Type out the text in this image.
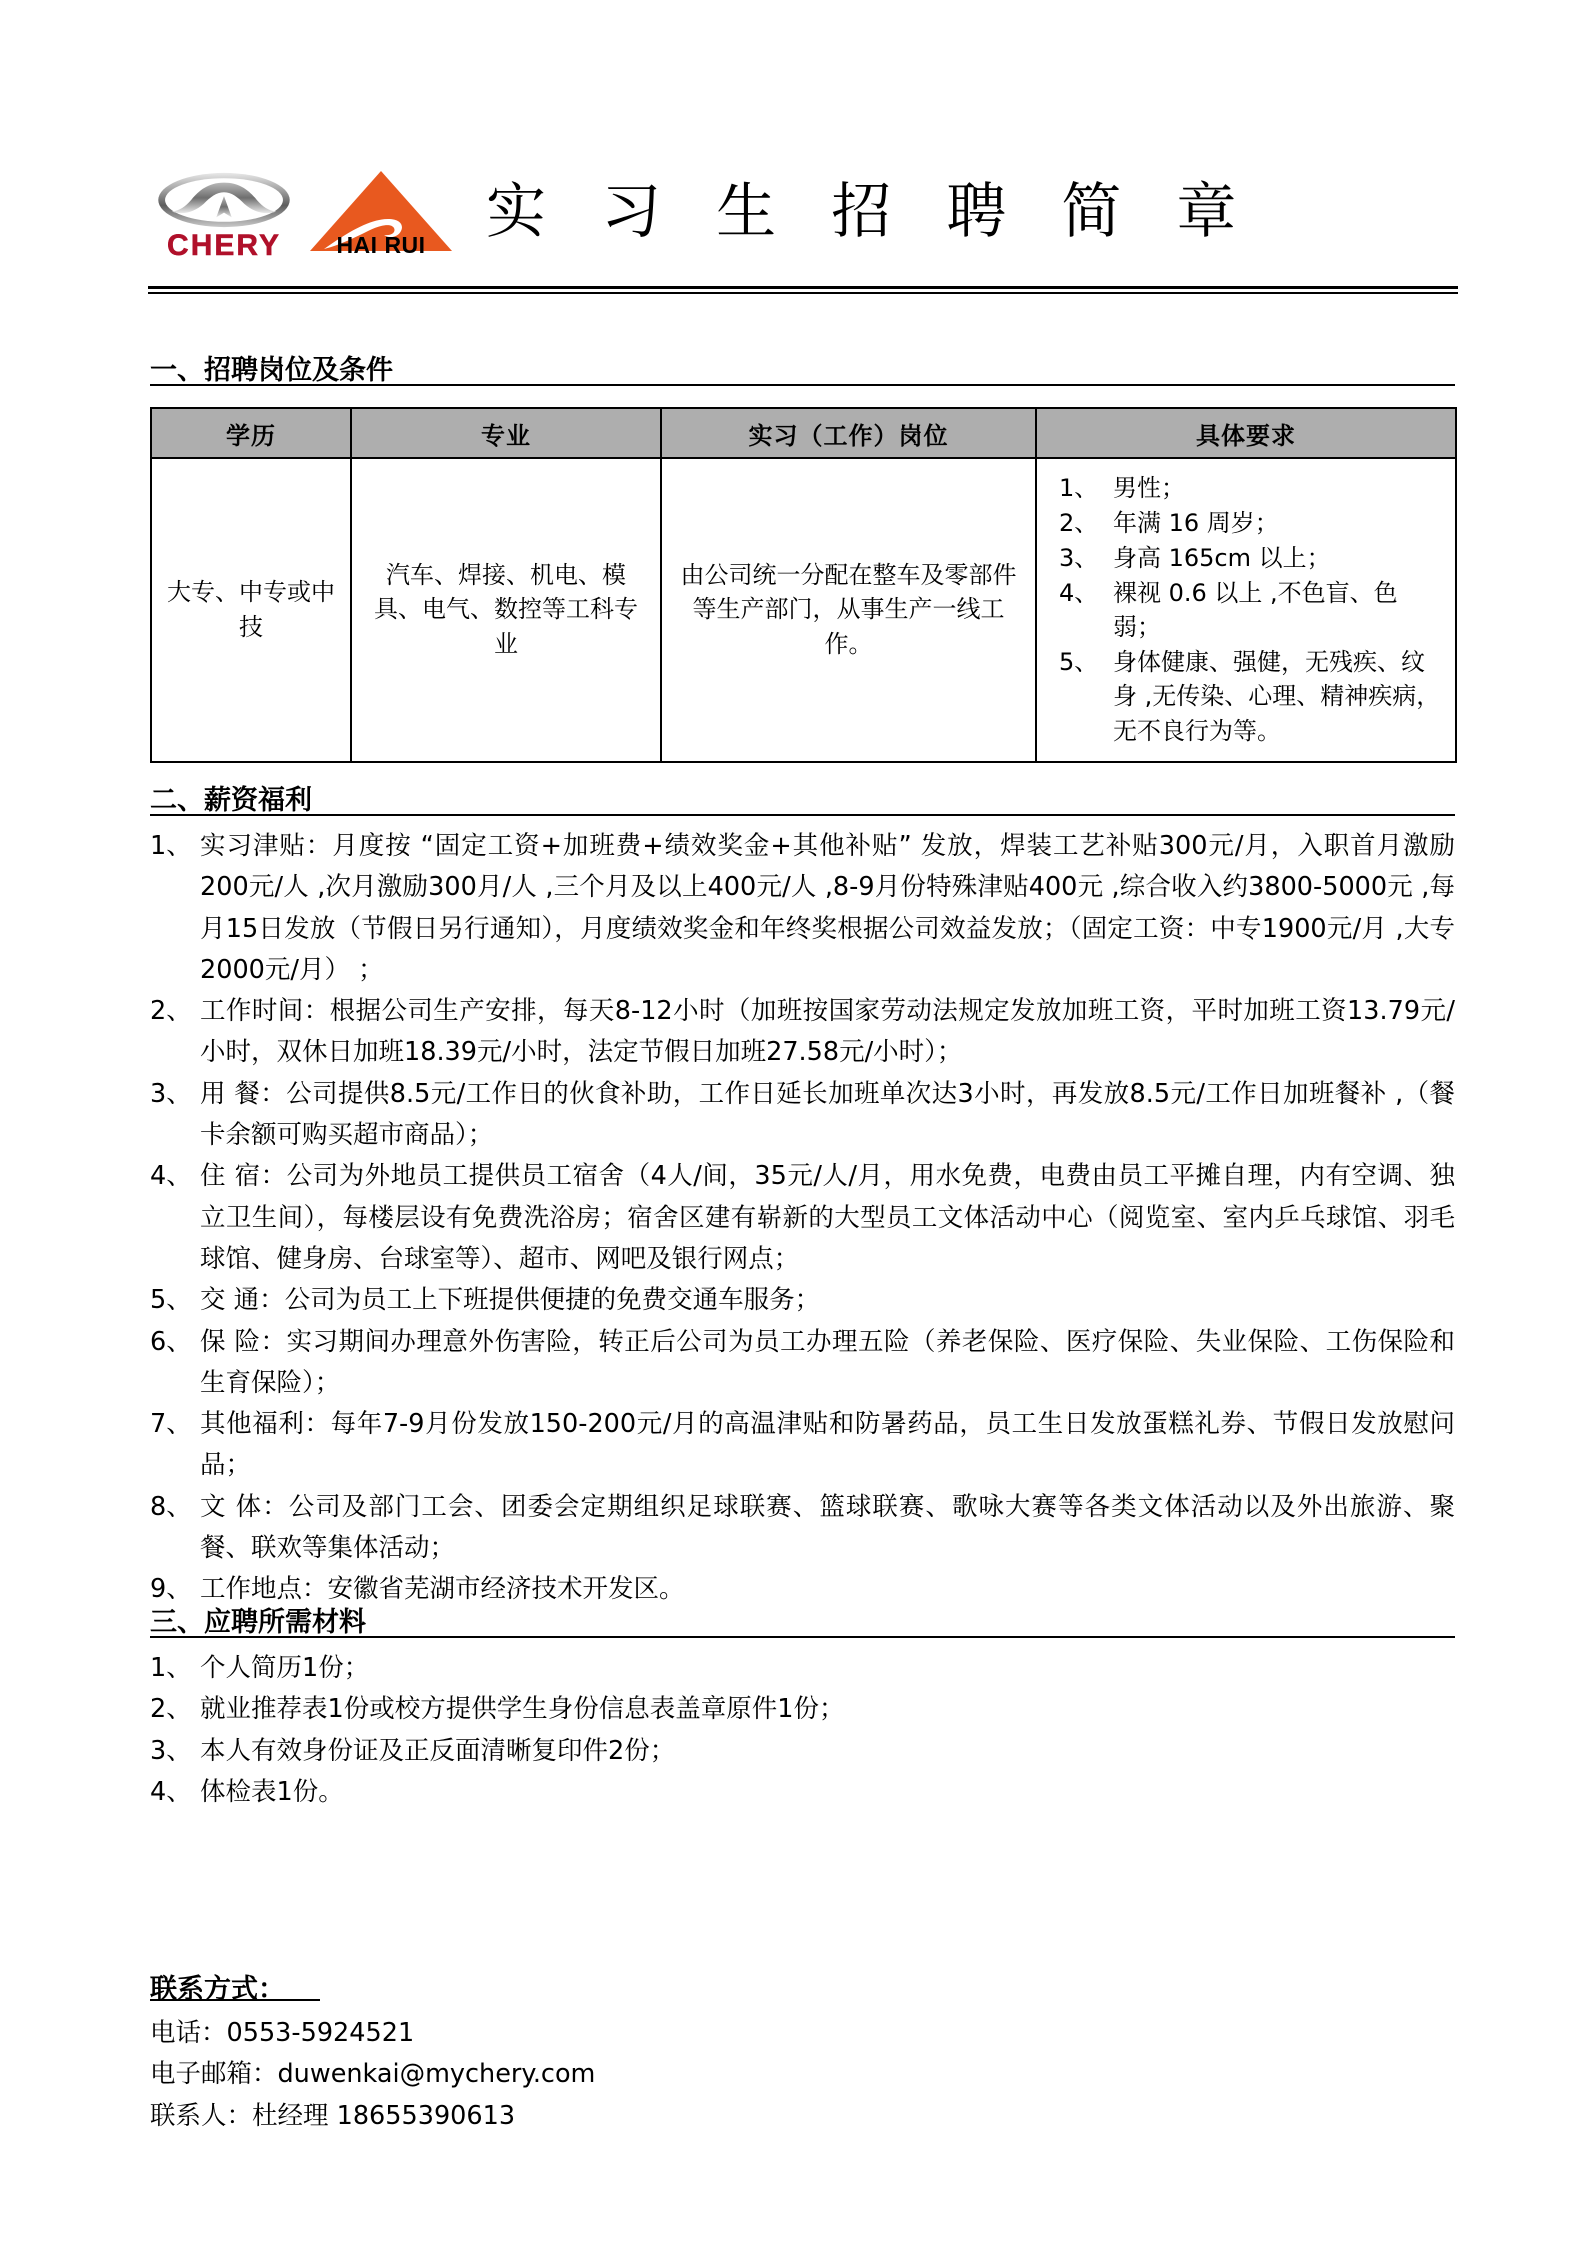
CHERY	HAI RUI	实 习 生 招 聘 简 章
一、招聘岗位及条件
学历	专业	实习（工作）岗位	具体要求
大专、中专或中技	汽车、焊接、机电、模具、电气、数控等工科专业	由公司统一分配在整车及零部件等生产部门，从事生产一线工作。	
1、 男性；
2、 年满 16 周岁；
3、 身高 165cm 以上；
4、 裸视 0.6 以上 ,不色盲、色弱；
5、 身体健康、强健，无残疾、纹身 ,无传染、心理、精神疾病，无不良行为等。
二、薪资福利
1、 实习津贴：月度按 “固定工资+加班费+绩效奖金+其他补贴” 发放，焊装工艺补贴300元/月，入职首月激励200元/人 ,次月激励300月/人 ,三个月及以上400元/人 ,8-9月份特殊津贴400元 ,综合收入约3800-5000元 ,每月15日发放（节假日另行通知），月度绩效奖金和年终奖根据公司效益发放；（固定工资：中专1900元/月 ,大专2000元/月） ；
2、 工作时间：根据公司生产安排，每天8-12小时（加班按国家劳动法规定发放加班工资，平时加班工资13.79元/小时，双休日加班18.39元/小时，法定节假日加班27.58元/小时）；
3、 用 餐：公司提供8.5元/工作日的伙食补助，工作日延长加班单次达3小时，再发放8.5元/工作日加班餐补 ,（餐卡余额可购买超市商品）；
4、 住 宿：公司为外地员工提供员工宿舍（4人/间，35元/人/月，用水免费，电费由员工平摊自理，内有空调、独立卫生间），每楼层设有免费洗浴房；宿舍区建有崭新的大型员工文体活动中心（阅览室、室内乒乓球馆、羽毛球馆、健身房、台球室等）、超市、网吧及银行网点；
5、 交 通：公司为员工上下班提供便捷的免费交通车服务；
6、 保 险：实习期间办理意外伤害险，转正后公司为员工办理五险（养老保险、医疗保险、失业保险、工伤保险和生育保险）；
7、 其他福利：每年7-9月份发放150-200元/月的高温津贴和防暑药品，员工生日发放蛋糕礼券、节假日发放慰问品；
8、 文 体：公司及部门工会、团委会定期组织足球联赛、篮球联赛、歌咏大赛等各类文体活动以及外出旅游、聚餐、联欢等集体活动；
9、 工作地点：安徽省芜湖市经济技术开发区。
三、应聘所需材料
1、 个人简历1份；
2、 就业推荐表1份或校方提供学生身份信息表盖章原件1份；
3、 本人有效身份证及正反面清晰复印件2份；
4、 体检表1份。
联系方式：
电话：0553-5924521
电子邮箱：duwenkai@mychery.com
联系人：杜经理 18655390613
